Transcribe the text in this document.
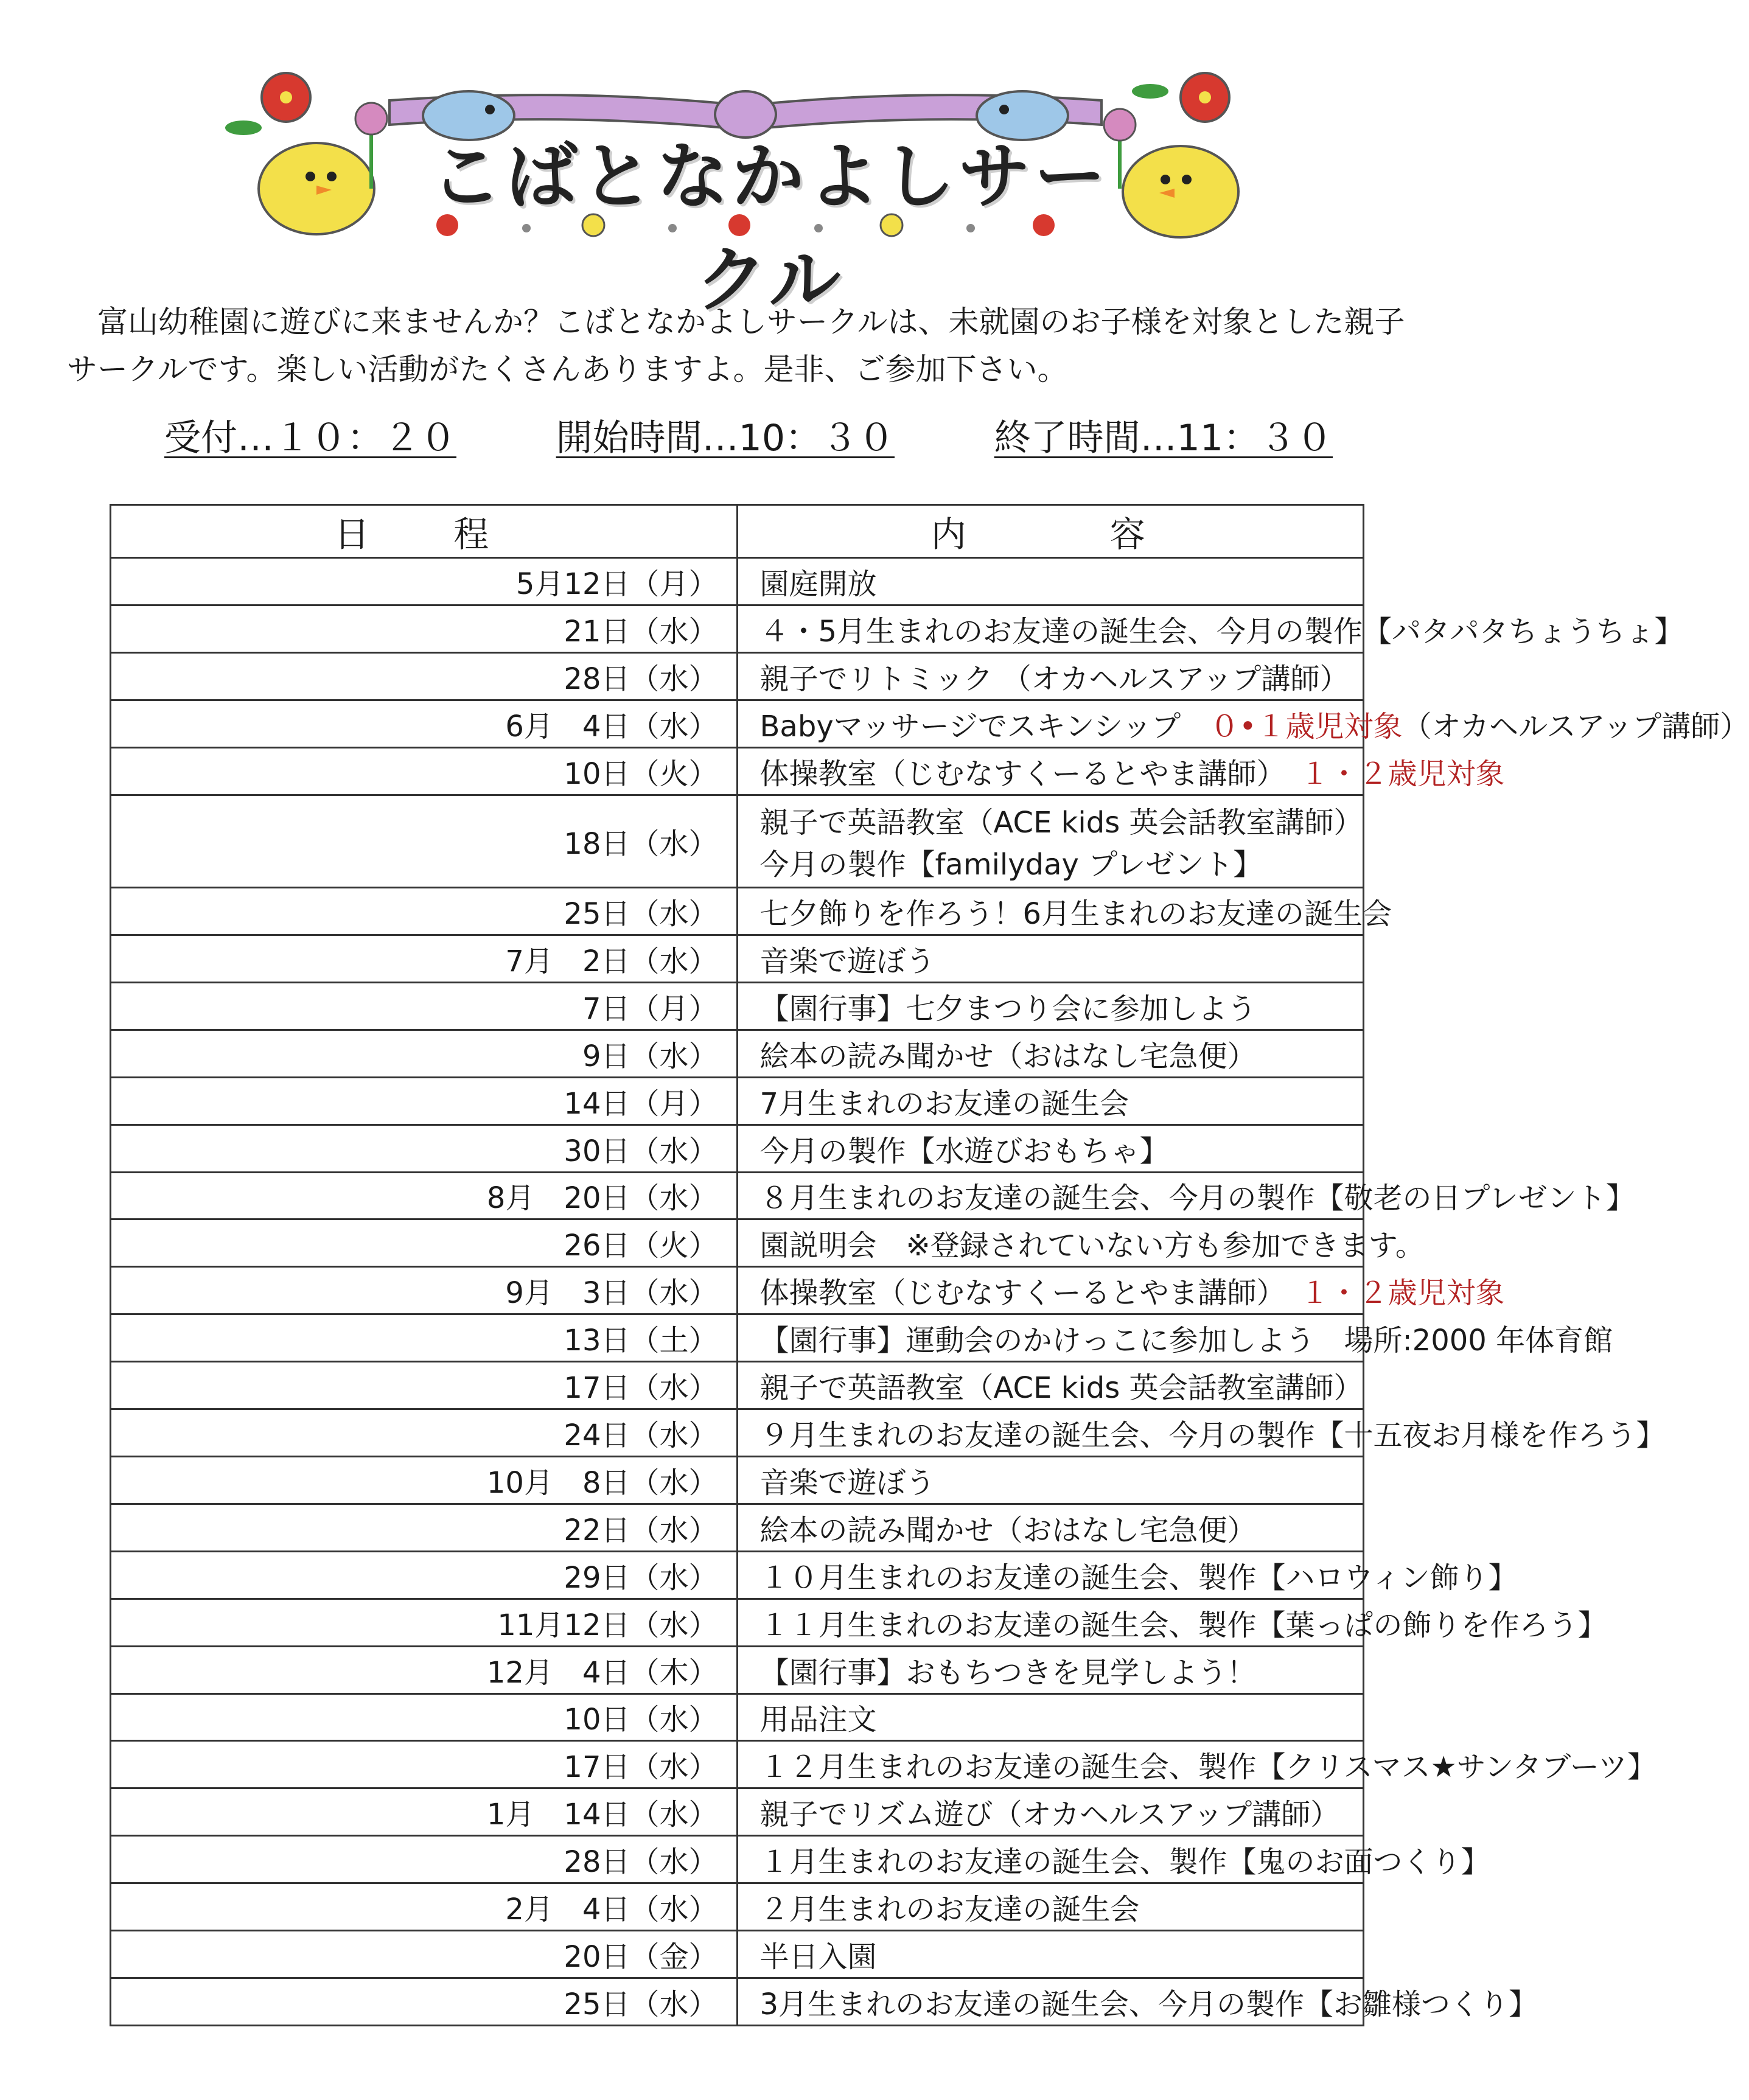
こばとなかよしサークル
富山幼稚園に遊びに来ませんか？こばとなかよしサークルは、未就園のお子様を対象とした親子サークルです。楽しい活動がたくさんありますよ。是非、ご参加下さい。
受付…１０：２０	開始時間…10：３０	終了時間…11：３０
日　程	内　　容
5月12日（月）	園庭開放
21日（水）	４・5月生まれのお友達の誕生会、今月の製作【パタパタちょうちょ】
28日（水）	親子でリトミック （オカヘルスアップ講師）
6月　4日（水）	Babyマッサージでスキンシップ　 ０•１歳児対象（オカヘルスアップ講師）
10日（火）	体操教室（じむなすくーるとやま講師）　 １・２歳児対象
18日（水）	親子で英語教室（ACE kids 英会話教室講師）
今月の製作【familyday プレゼント】

25日（水）	七夕飾りを作ろう！6月生まれのお友達の誕生会
7月　2日（水）	音楽で遊ぼう
7日（月）	【園行事】七夕まつり会に参加しよう
9日（水）	絵本の読み聞かせ（おはなし宅急便）
14日（月）	7月生まれのお友達の誕生会
30日（水）	今月の製作【水遊びおもちゃ】
8月　20日（水）	８月生まれのお友達の誕生会、今月の製作【敬老の日プレゼント】
26日（火）	園説明会　※登録されていない方も参加できます。
9月　3日（水）	体操教室（じむなすくーるとやま講師）　 １・２歳児対象
13日（土）	【園行事】運動会のかけっこに参加しよう　場所:2000 年体育館
17日（水）	親子で英語教室（ACE kids 英会話教室講師）
24日（水）	９月生まれのお友達の誕生会、今月の製作【十五夜お月様を作ろう】
10月　8日（水）	音楽で遊ぼう
22日（水）	絵本の読み聞かせ（おはなし宅急便）
29日（水）	１０月生まれのお友達の誕生会、製作【ハロウィン飾り】
11月12日（水）	１１月生まれのお友達の誕生会、製作【葉っぱの飾りを作ろう】
12月　4日（木）	【園行事】おもちつきを見学しよう！
10日（水）	用品注文
17日（水）	１２月生まれのお友達の誕生会、製作【クリスマス★サンタブーツ】
1月　14日（水）	親子でリズム遊び（オカヘルスアップ講師）
28日（水）	１月生まれのお友達の誕生会、製作【鬼のお面つくり】
2月　4日（水）	２月生まれのお友達の誕生会
20日（金）	半日入園
25日（水）	3月生まれのお友達の誕生会、今月の製作【お雛様つくり】
